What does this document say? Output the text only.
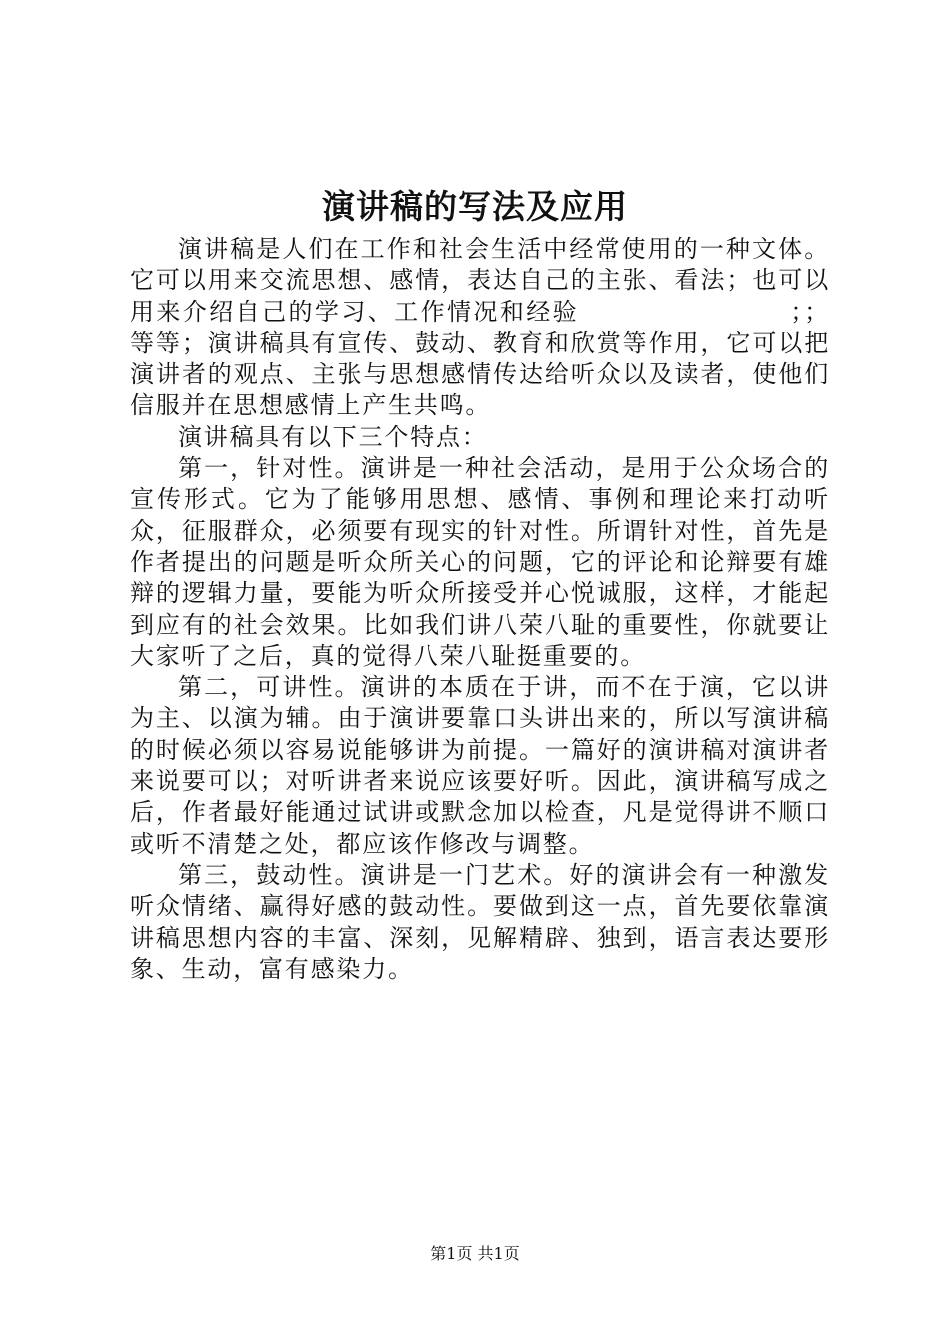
演讲稿的写法及应用

演讲稿是人们在工作和社会生活中经常使用的一种文体。它可以用来交流思想、感情，表达自己的主张、看法；也可以用来介绍自己的学习、工作情况和经验　　　　　　　　；；等等；演讲稿具有宣传、鼓动、教育和欣赏等作用，它可以把演讲者的观点、主张与思想感情传达给听众以及读者，使他们信服并在思想感情上产生共鸣。

演讲稿具有以下三个特点：

第一，针对性。演讲是一种社会活动，是用于公众场合的宣传形式。它为了能够用思想、感情、事例和理论来打动听众，征服群众，必须要有现实的针对性。所谓针对性，首先是作者提出的问题是听众所关心的问题，它的评论和论辩要有雄辩的逻辑力量，要能为听众所接受并心悦诚服，这样，才能起到应有的社会效果。比如我们讲八荣八耻的重要性，你就要让大家听了之后，真的觉得八荣八耻挺重要的。

第二，可讲性。演讲的本质在于讲，而不在于演，它以讲为主、以演为辅。由于演讲要靠口头讲出来的，所以写演讲稿的时候必须以容易说能够讲为前提。一篇好的演讲稿对演讲者来说要可以；对听讲者来说应该要好听。因此，演讲稿写成之后，作者最好能通过试讲或默念加以检查，凡是觉得讲不顺口或听不清楚之处，都应该作修改与调整。

第三，鼓动性。演讲是一门艺术。好的演讲会有一种激发听众情绪、赢得好感的鼓动性。要做到这一点，首先要依靠演讲稿思想内容的丰富、深刻，见解精辟、独到，语言表达要形象、生动，富有感染力。

第1页 共1页
